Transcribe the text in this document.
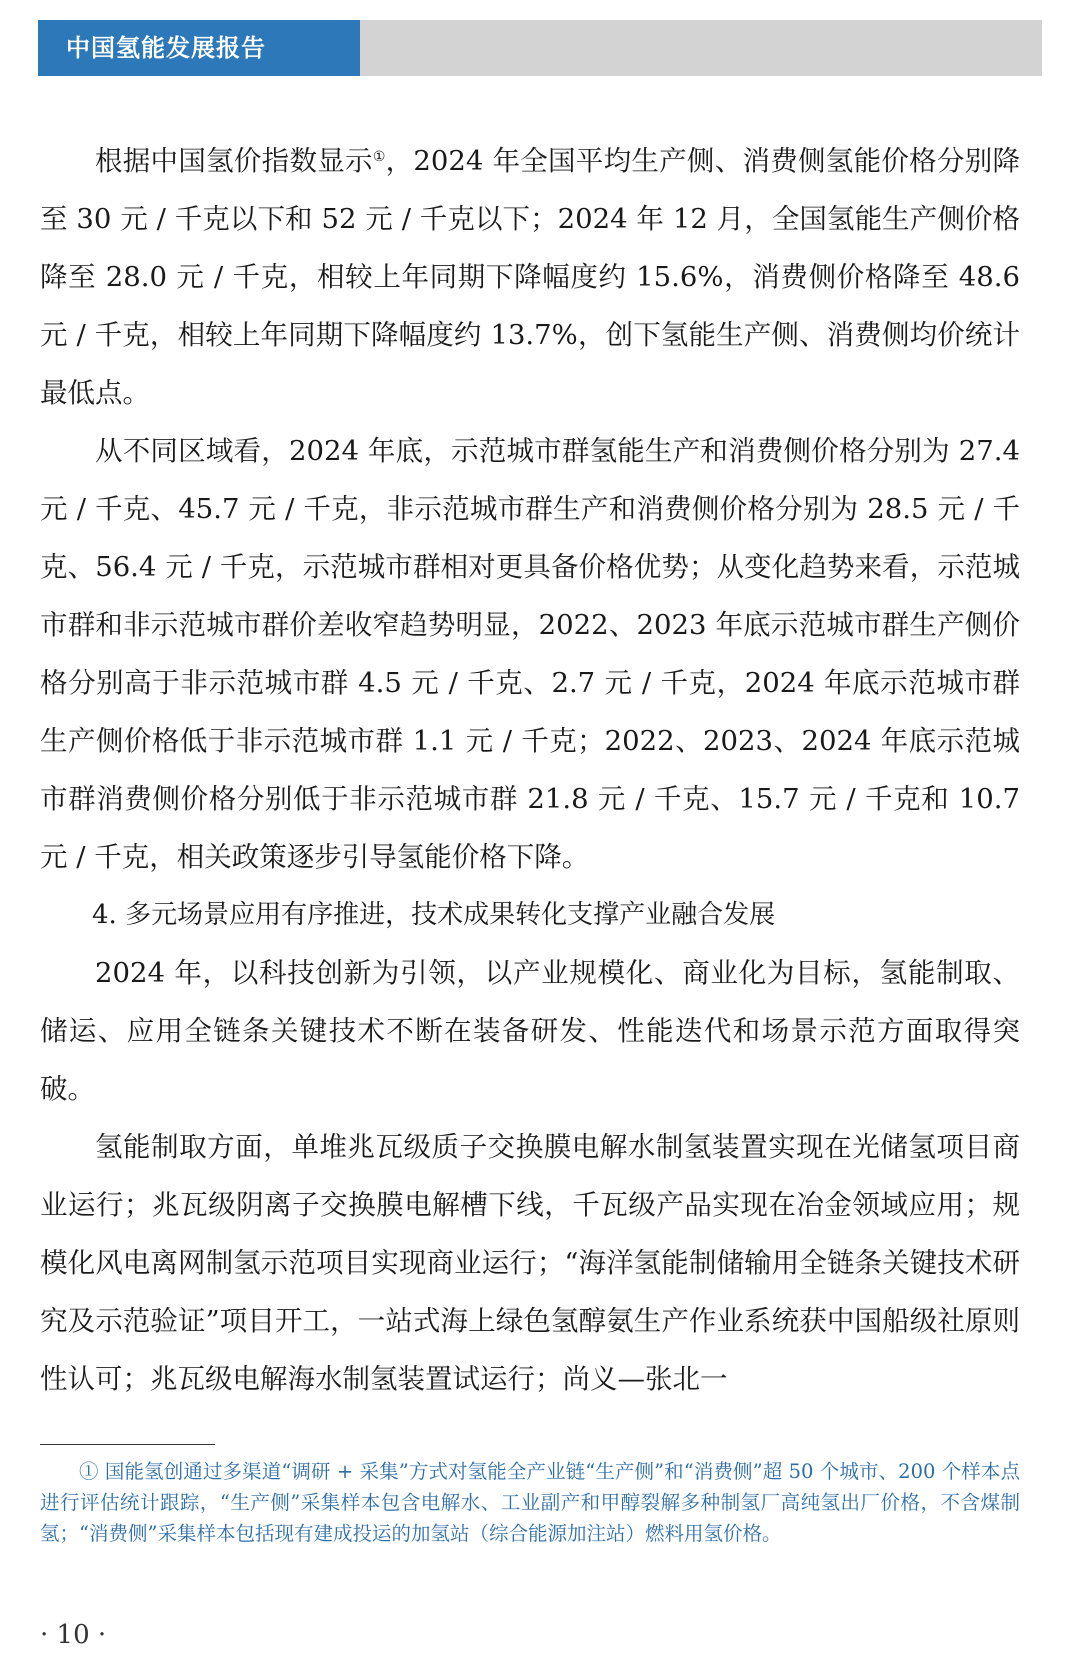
中国氢能发展报告

根据中国氢价指数显示①，2024 年全国平均生产侧、消费侧氢能价格分别降至 30 元 / 千克以下和 52 元 / 千克以下；2024 年 12 月，全国氢能生产侧价格降至 28.0 元 / 千克，相较上年同期下降幅度约 15.6%，消费侧价格降至 48.6 元 / 千克，相较上年同期下降幅度约 13.7%，创下氢能生产侧、消费侧均价统计最低点。

从不同区域看，2024 年底，示范城市群氢能生产和消费侧价格分别为 27.4 元 / 千克、45.7 元 / 千克，非示范城市群生产和消费侧价格分别为 28.5 元 / 千克、56.4 元 / 千克，示范城市群相对更具备价格优势；从变化趋势来看，示范城市群和非示范城市群价差收窄趋势明显，2022、2023 年底示范城市群生产侧价格分别高于非示范城市群 4.5 元 / 千克、2.7 元 / 千克，2024 年底示范城市群生产侧价格低于非示范城市群 1.1 元 / 千克；2022、2023、2024 年底示范城市群消费侧价格分别低于非示范城市群 21.8 元 / 千克、15.7 元 / 千克和 10.7 元 / 千克，相关政策逐步引导氢能价格下降。

4. 多元场景应用有序推进，技术成果转化支撑产业融合发展

2024 年，以科技创新为引领，以产业规模化、商业化为目标，氢能制取、储运、应用全链条关键技术不断在装备研发、性能迭代和场景示范方面取得突破。

氢能制取方面，单堆兆瓦级质子交换膜电解水制氢装置实现在光储氢项目商业运行；兆瓦级阴离子交换膜电解槽下线，千瓦级产品实现在冶金领域应用；规模化风电离网制氢示范项目实现商业运行；“海洋氢能制储输用全链条关键技术研究及示范验证”项目开工，一站式海上绿色氢醇氨生产作业系统获中国船级社原则性认可；兆瓦级电解海水制氢装置试运行；尚义—张北一

① 国能氢创通过多渠道“调研 + 采集”方式对氢能全产业链“生产侧”和“消费侧”超 50 个城市、200 个样本点进行评估统计跟踪，“生产侧”采集样本包含电解水、工业副产和甲醇裂解多种制氢厂高纯氢出厂价格，不含煤制氢；“消费侧”采集样本包括现有建成投运的加氢站（综合能源加注站）燃料用氢价格。

· 10 ·
